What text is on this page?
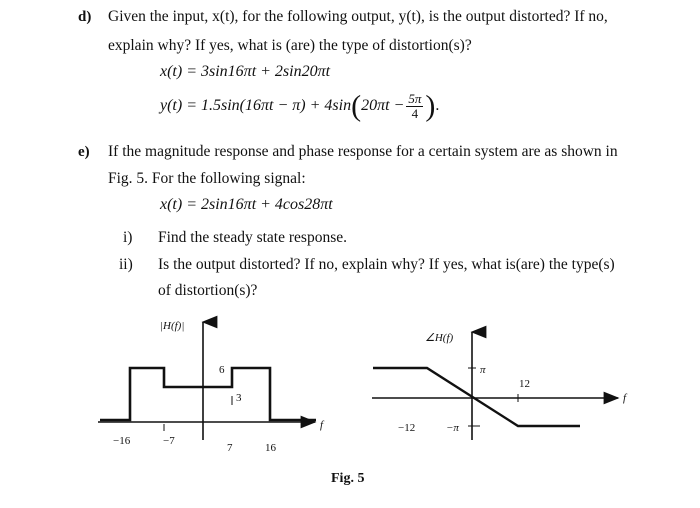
d) Given the input, x(t), for the following output, y(t), is the output distorted? If no,
explain why? If yes, what is (are) the type of distortion(s)?
x(t) = 3sin16πt + 2sin20πt
$y(t) = 1.5\sin(16\pi t - \pi) + 4\sin(20\pi t - \frac{5\pi}{4}$ ).
e) If the magnitude response and phase response for a certain system are as shown in
Fig. 5. For the following signal:
x(t) = 2sin16πt + 4cos28πt
i) Find the steady state response.
ii) Is the output distorted? If no, explain why? If yes, what is(are) the type(s)
of distortion(s)?
|H(f)|
f
−16	−7
7	16
6
3
∠H(f)
f
−12
12
π
−π
Fig. 5
